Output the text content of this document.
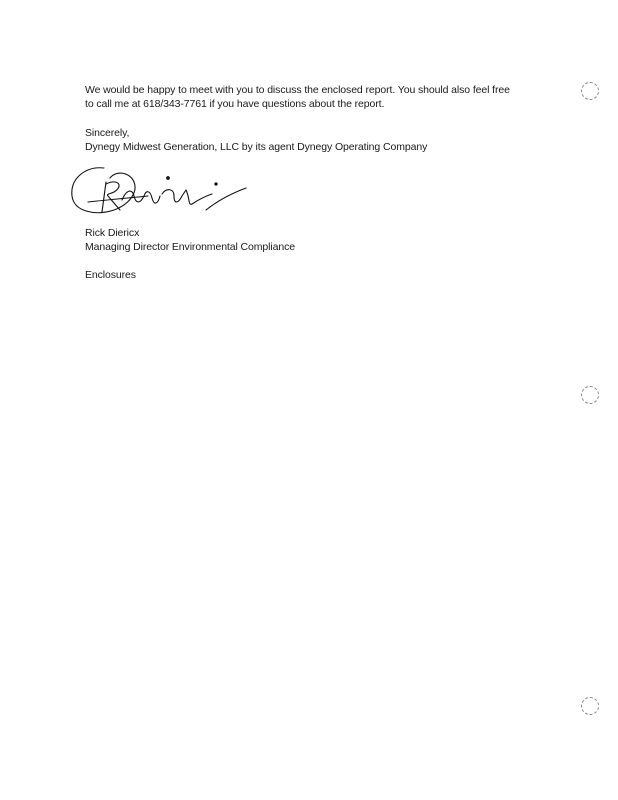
We would be happy to meet with you to discuss the enclosed report. You should also feel free
to call me at 618/343-7761 if you have questions about the report.
Sincerely,
Dynegy Midwest Generation, LLC by its agent Dynegy Operating Company
Rick Diericx
Managing Director Environmental Compliance
Enclosures
